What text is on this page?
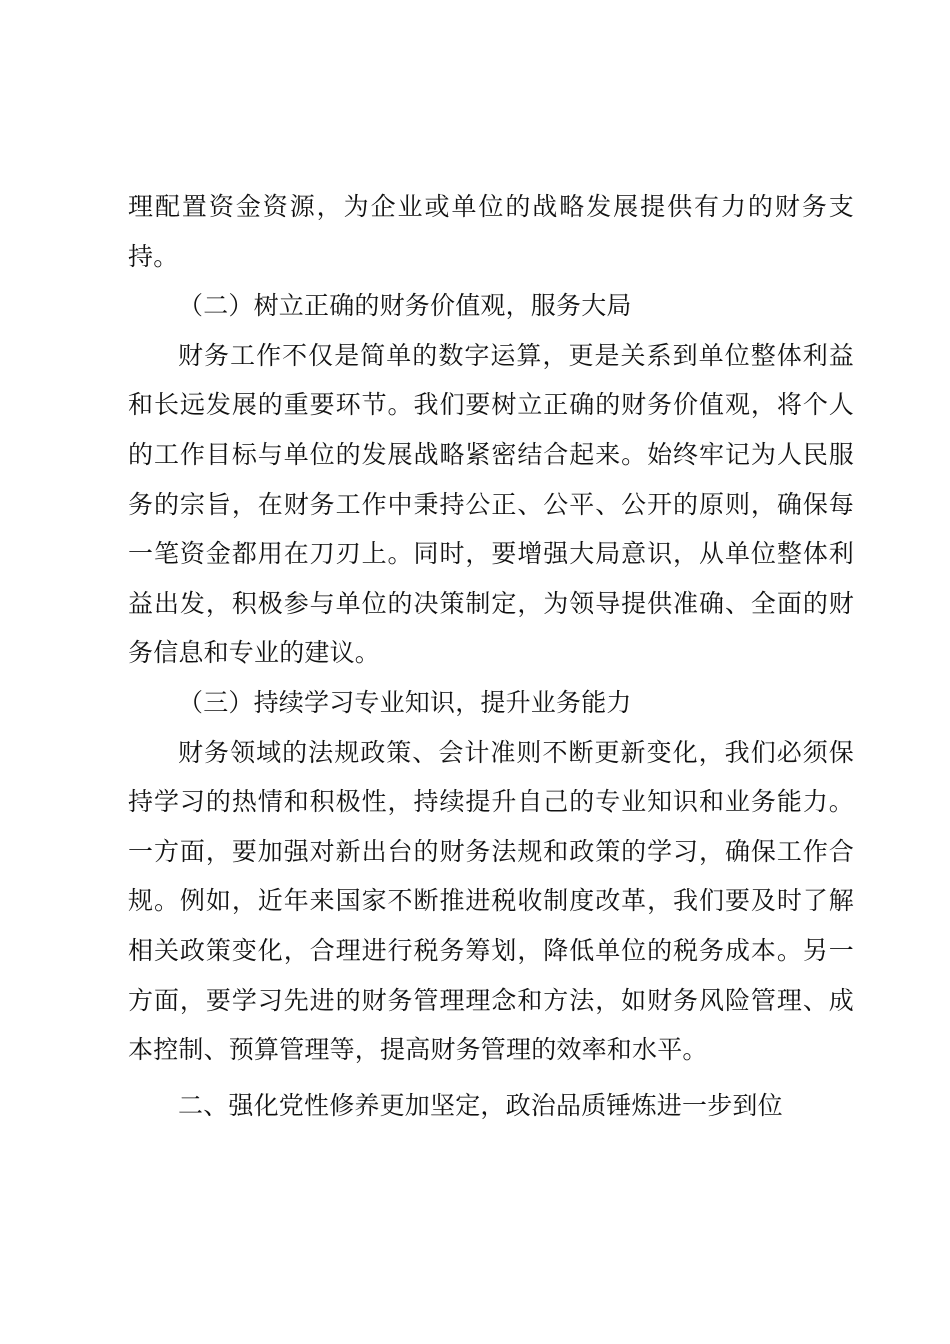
理配置资金资源，为企业或单位的战略发展提供有力的财务支持。

（二）树立正确的财务价值观，服务大局

财务工作不仅是简单的数字运算，更是关系到单位整体利益和长远发展的重要环节。我们要树立正确的财务价值观，将个人的工作目标与单位的发展战略紧密结合起来。始终牢记为人民服务的宗旨，在财务工作中秉持公正、公平、公开的原则，确保每一笔资金都用在刀刃上。同时，要增强大局意识，从单位整体利益出发，积极参与单位的决策制定，为领导提供准确、全面的财务信息和专业的建议。

（三）持续学习专业知识，提升业务能力

财务领域的法规政策、会计准则不断更新变化，我们必须保持学习的热情和积极性，持续提升自己的专业知识和业务能力。一方面，要加强对新出台的财务法规和政策的学习，确保工作合规。例如，近年来国家不断推进税收制度改革，我们要及时了解相关政策变化，合理进行税务筹划，降低单位的税务成本。另一方面，要学习先进的财务管理理念和方法，如财务风险管理、成本控制、预算管理等，提高财务管理的效率和水平。

二、强化党性修养更加坚定，政治品质锤炼进一步到位
